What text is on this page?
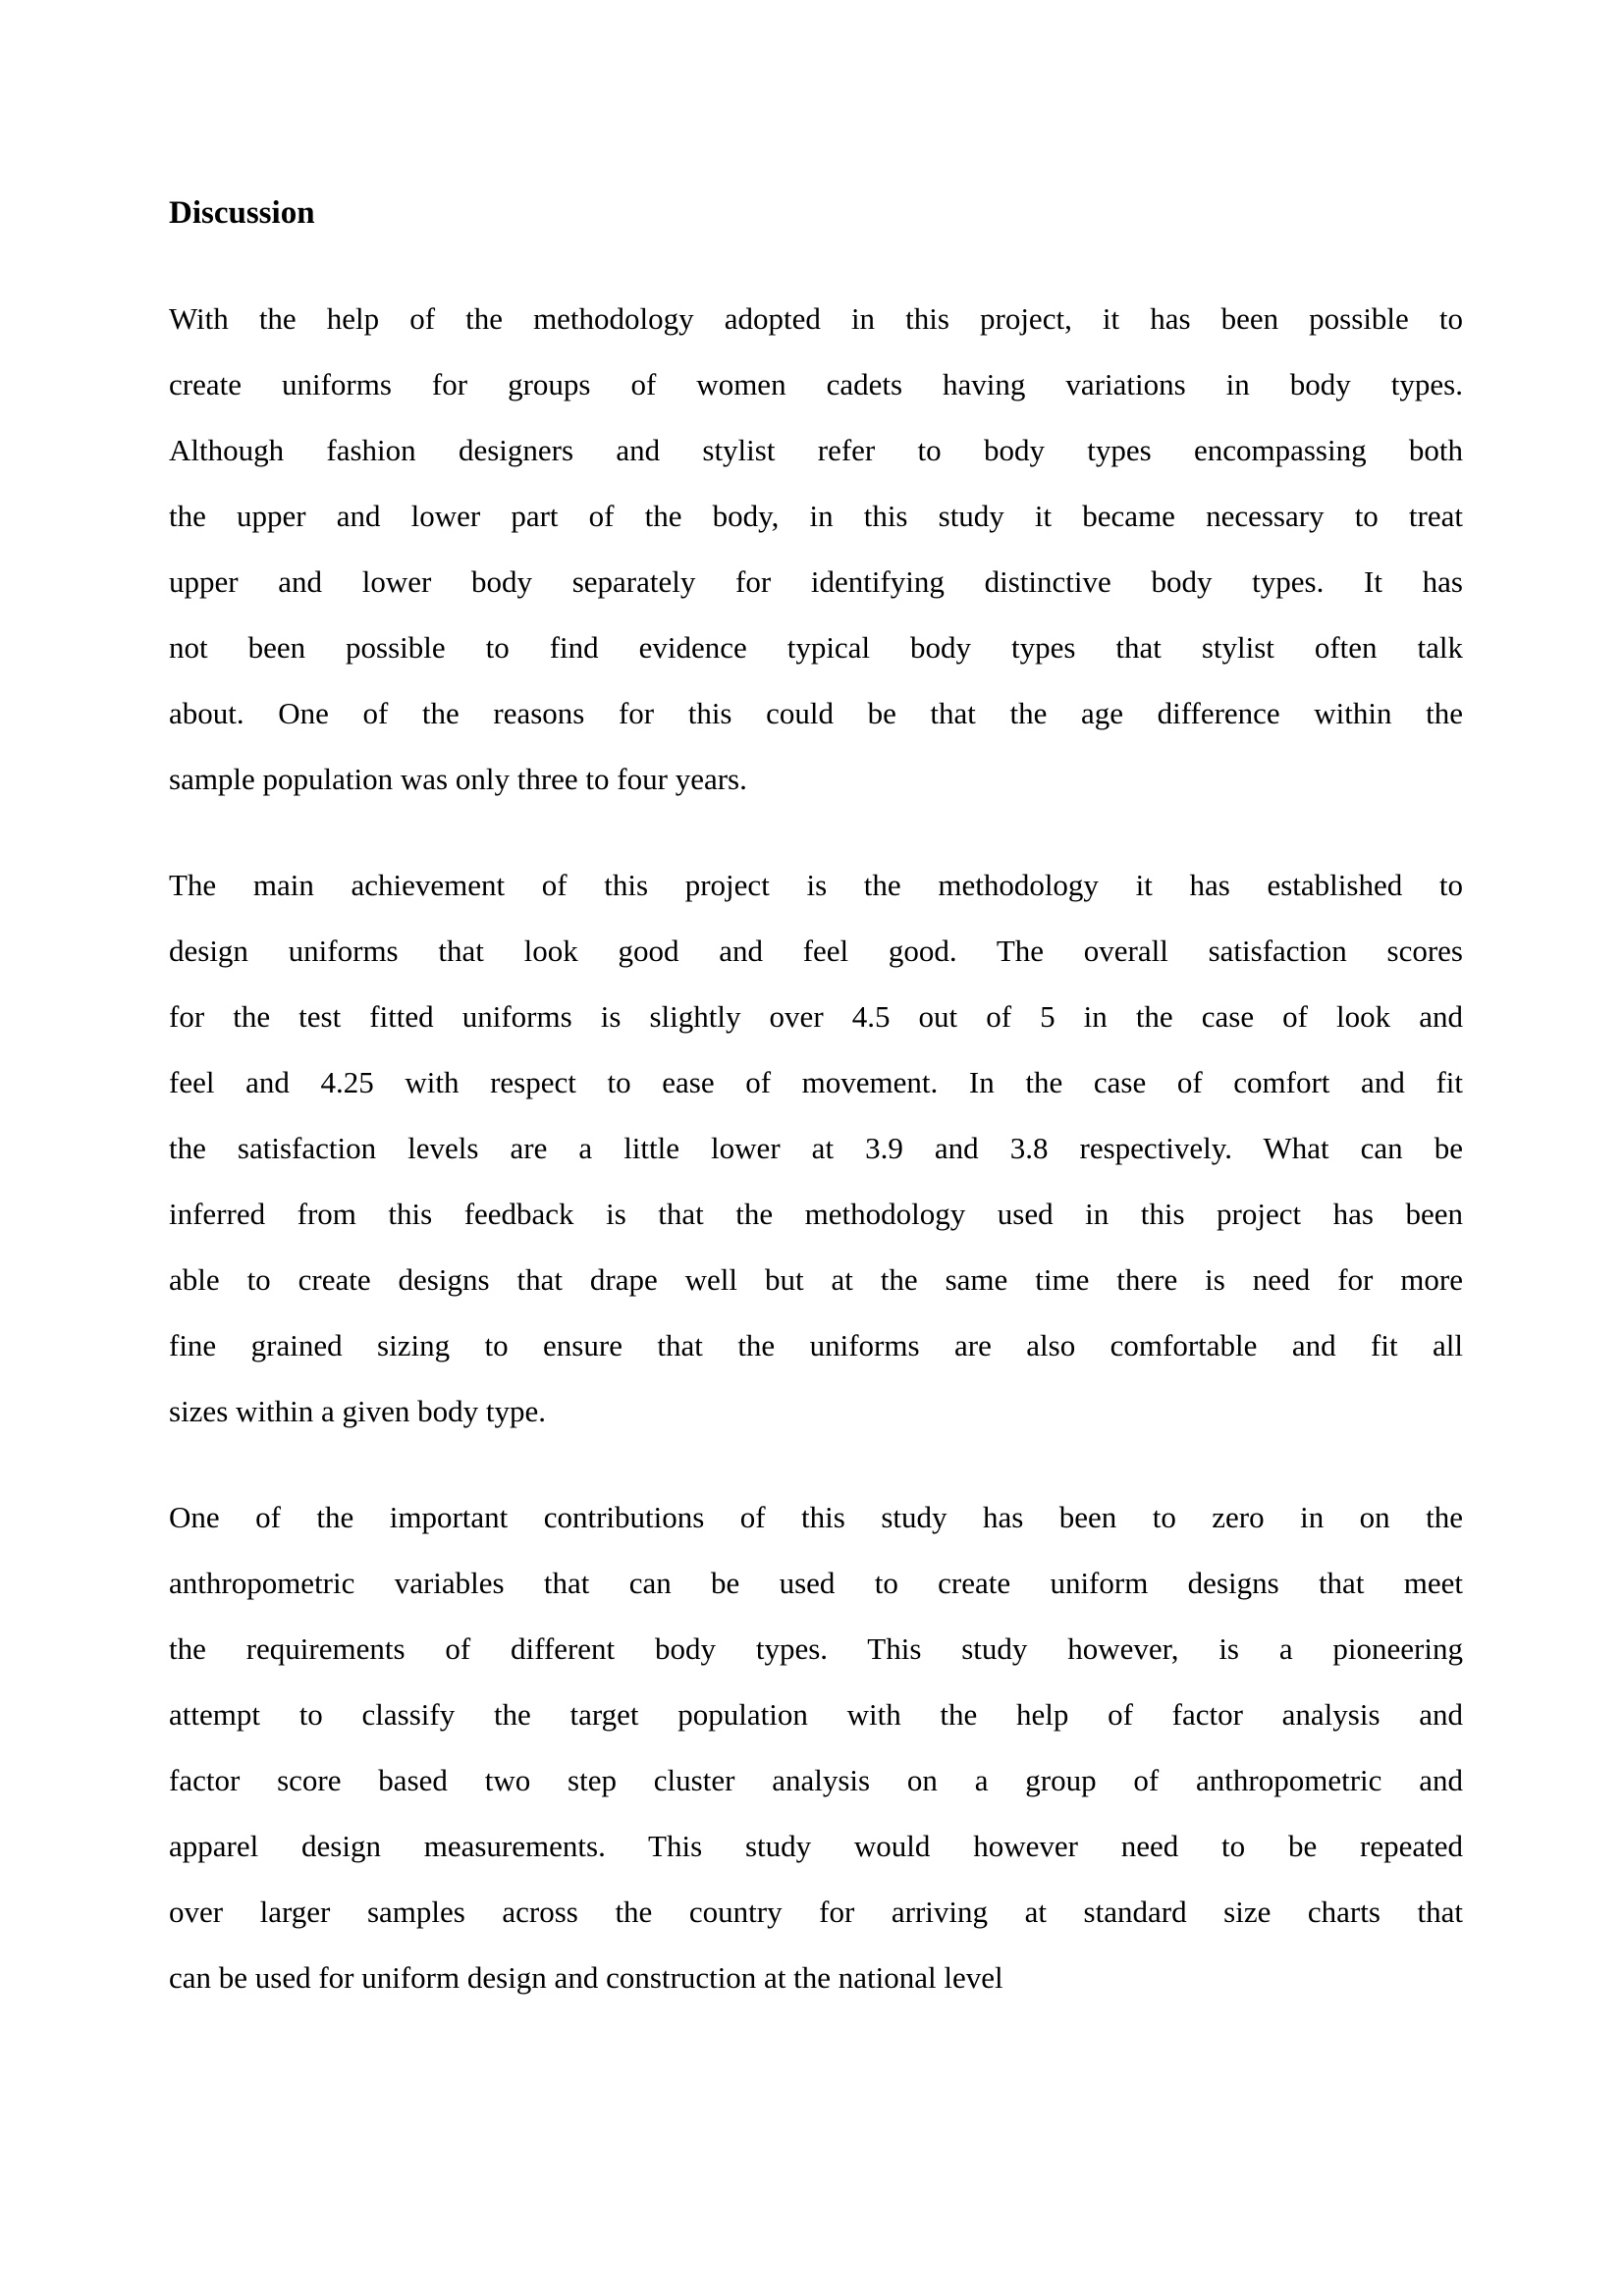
Discussion
With the help of the methodology adopted in this project, it has been possible to
create uniforms for groups of women cadets having variations in body types.
Although fashion designers and stylist refer to body types encompassing both
the upper and lower part of the body, in this study it became necessary to treat
upper and lower body separately for identifying distinctive body types. It has
not been possible to find evidence typical body types that stylist often talk
about. One of the reasons for this could be that the age difference within the
sample population was only three to four years.
The main achievement of this project is the methodology it has established to
design uniforms that look good and feel good. The overall satisfaction scores
for the test fitted uniforms is slightly over 4.5 out of 5 in the case of look and
feel and 4.25 with respect to ease of movement. In the case of comfort and fit
the satisfaction levels are a little lower at 3.9 and 3.8 respectively. What can be
inferred from this feedback is that the methodology used in this project has been
able to create designs that drape well but at the same time there is need for more
fine grained sizing to ensure that the uniforms are also comfortable and fit all
sizes within a given body type.
One of the important contributions of this study has been to zero in on the
anthropometric variables that can be used to create uniform designs that meet
the requirements of different body types. This study however, is a pioneering
attempt to classify the target population with the help of factor analysis and
factor score based two step cluster analysis on a group of anthropometric and
apparel design measurements. This study would however need to be repeated
over larger samples across the country for arriving at standard size charts that
can be used for uniform design and construction at the national level
